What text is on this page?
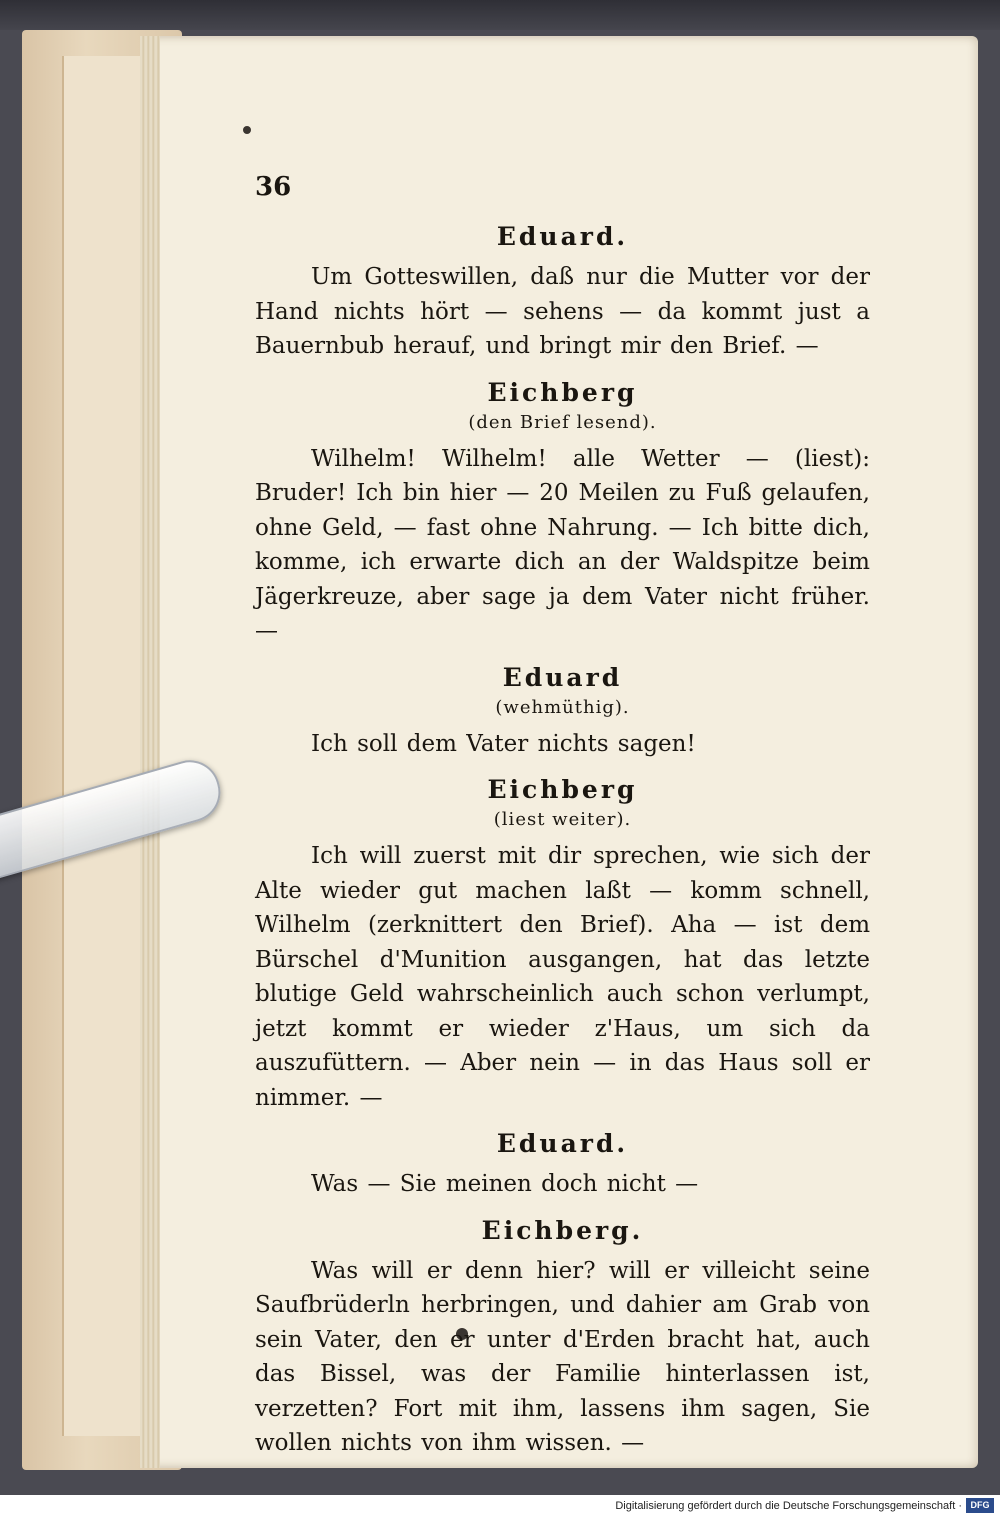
36

Eduard.

Um Gotteswillen, daß nur die Mutter vor der Hand nichts hört — sehens — da kommt just a Bauernbub herauf, und bringt mir den Brief. —

Eichberg

(den Brief lesend).

Wilhelm! Wilhelm! alle Wetter — (liest): Bruder! Ich bin hier — 20 Meilen zu Fuß gelaufen, ohne Geld, — fast ohne Nahrung. — Ich bitte dich, komme, ich erwarte dich an der Waldspitze beim Jägerkreuze, aber sage ja dem Vater nicht früher. —

Eduard

(wehmüthig).

Ich soll dem Vater nichts sagen!

Eichberg

(liest weiter).

Ich will zuerst mit dir sprechen, wie sich der Alte wieder gut machen laßt — komm schnell, Wilhelm (zerknittert den Brief). Aha — ist dem Bürschel d'Munition ausgangen, hat das letzte blutige Geld wahrscheinlich auch schon verlumpt, jetzt kommt er wieder z'Haus, um sich da auszufüttern. — Aber nein — in das Haus soll er nimmer. —

Eduard.

Was — Sie meinen doch nicht —

Eichberg.

Was will er denn hier? will er villeicht seine Saufbrüderln herbringen, und dahier am Grab von sein Vater, den er unter d'Erden bracht hat, auch das Bissel, was der Familie hinterlassen ist, verzetten? Fort mit ihm, lassens ihm sagen, Sie wollen nichts von ihm wissen. —

Digitalisierung gefördert durch die Deutsche Forschungsgemeinschaft · DFG
